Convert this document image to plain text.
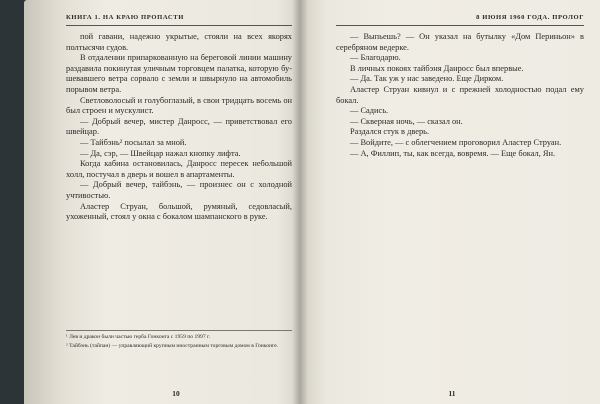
КНИГА 1. НА КРАЮ ПРОПАСТИ

пой гавани, надежно укрытые, стояли на всех якорях полтысячи судов.

В отдалении припаркованную на береговой линии машину раздавила покинутая уличным торговцем палатка, которую бушевавшего ветра сорвало с земли и швырнуло на автомобиль порывом ветра.

Светловолосый и голубоглазый, в свои тридцать восемь он был строен и мускулист.

— Добрый вечер, мистер Данросс, — приветствовал его швейцар.

— Тайбэнь² посылал за мной.

— Да, сэр, — Швейцар нажал кнопку лифта.

Когда кабина остановилась, Данросс пересек небольшой холл, постучал в дверь и вошел в апартаменты.

— Добрый вечер, тайбэнь, — произнес он с холодной учтивостью.

Аластер Струан, большой, румяный, седовласый, ухоженный, стоял у окна с бокалом шампанского в руке.

¹ Лев и дракон были частью герба Гонконга с 1959 по 1997 г.

² Тайбэнь (тайпан) — управляющий крупным иностранным торговым домом в Гонконге.

10
8 ИЮНЯ 1960 ГОДА. ПРОЛОГ

— Выпьешь? — Он указал на бутылку «Дом Периньон» в серебряном ведерке.

— Благодарю.

В личных покоях тайбэня Данросс был впервые.

— Да. Так уж у нас заведено. Еще Дирком.

Аластер Струан кивнул и с прежней холодностью подал ему бокал.

— Садись.

— Скверная ночь, — сказал он.

Раздался стук в дверь.

— Войдите, — с облегчением проговорил Аластер Струан.

— А, Филлип, ты, как всегда, вовремя. — Еще бокал, Ян.

11
